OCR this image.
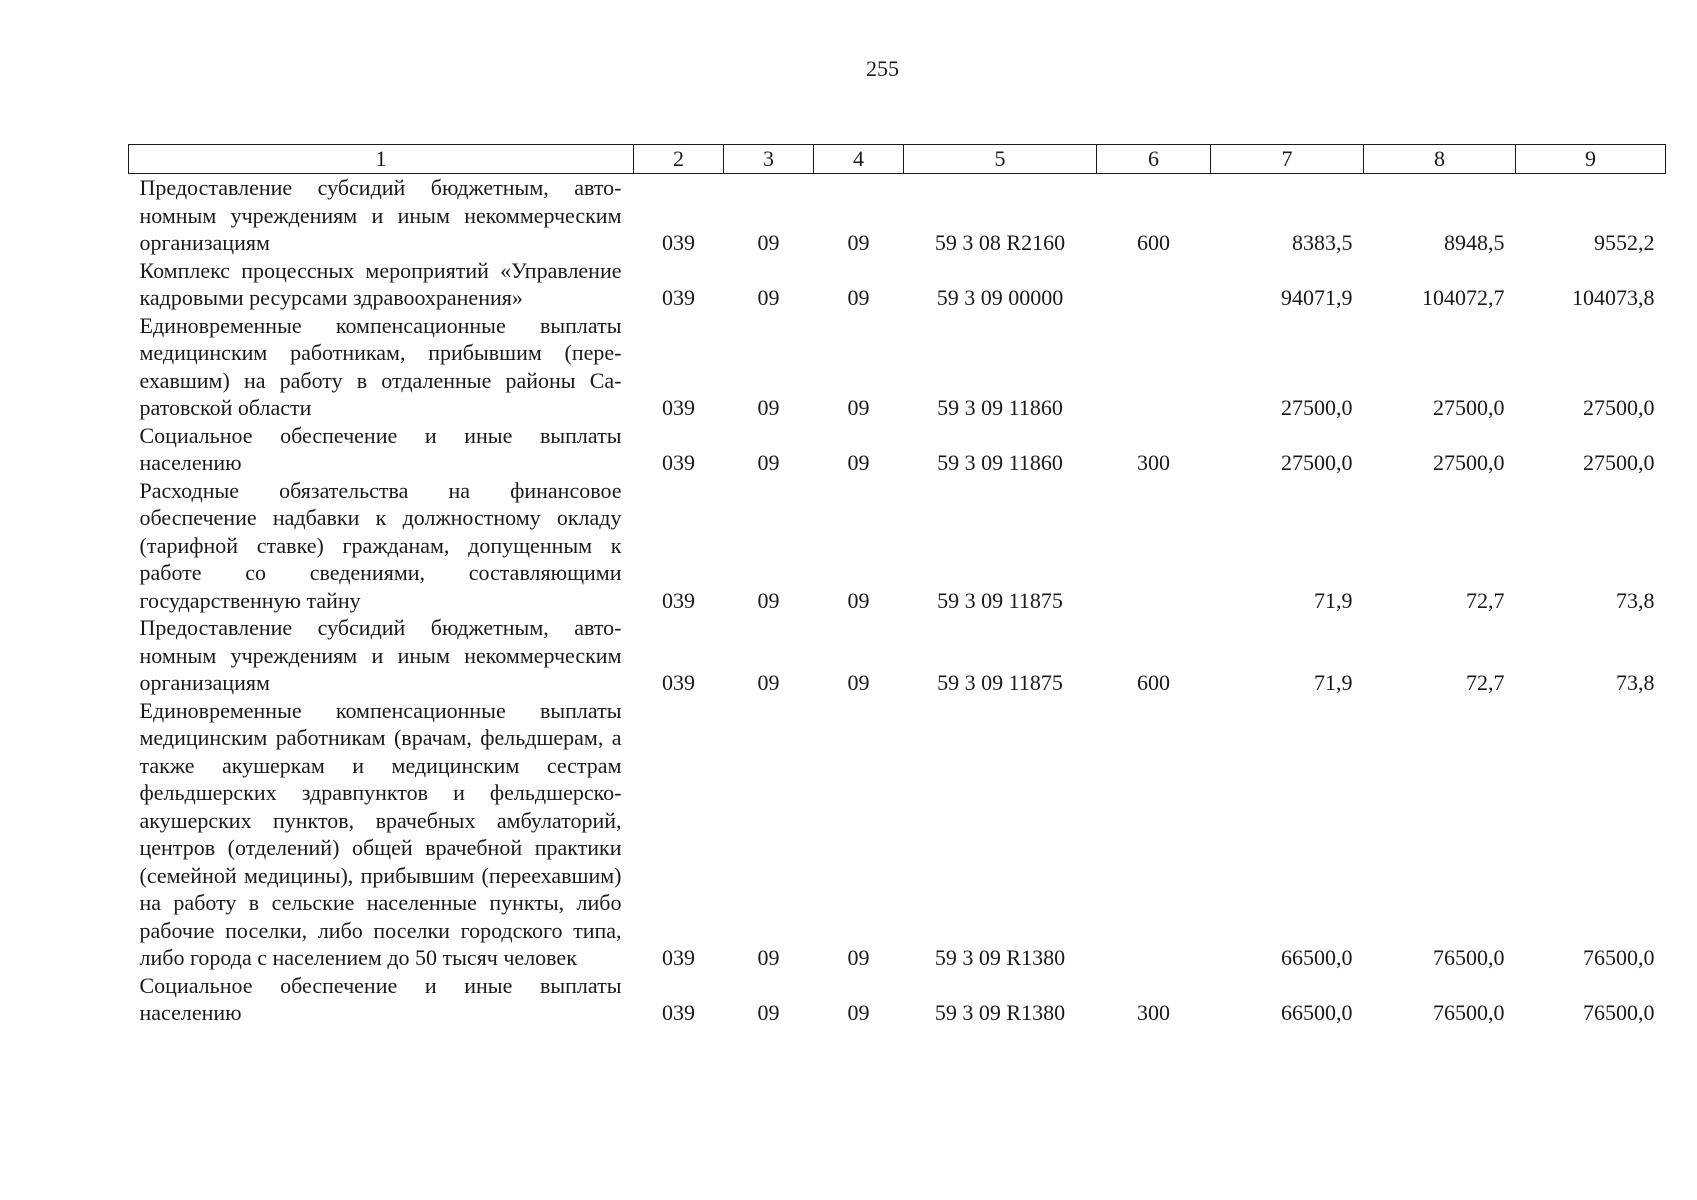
255
1	2	3	4	5	6	7	8	9
Предоставление субсидий бюджетным, автономным учреждениям и иным некоммерческим организациям	039	09	09	59 3 08 R2160	600	8383,5	8948,5	9552,2
Комплекс процессных мероприятий «Управление кадровыми ресурсами здравоохранения»	039	09	09	59 3 09 00000		94071,9	104072,7	104073,8
Единовременные компенсационные выплаты медицинским работникам, прибывшим (переехавшим) на работу в отдаленные районы Саратовской области	039	09	09	59 3 09 11860		27500,0	27500,0	27500,0
Социальное обеспечение и иные выплаты населению	039	09	09	59 3 09 11860	300	27500,0	27500,0	27500,0
Расходные обязательства на финансовое обеспечение надбавки к должностному окладу (тарифной ставке) гражданам, допущенным к работе со сведениями, составляющими государственную тайну	039	09	09	59 3 09 11875		71,9	72,7	73,8
Предоставление субсидий бюджетным, автономным учреждениям и иным некоммерческим организациям	039	09	09	59 3 09 11875	600	71,9	72,7	73,8
Единовременные компенсационные выплаты медицинским работникам (врачам, фельдшерам, а также акушеркам и медицинским сестрам фельдшерских здравпунктов и фельдшерско-акушерских пунктов, врачебных амбулаторий, центров (отделений) общей врачебной практики (семейной медицины), прибывшим (переехавшим) на работу в сельские населенные пункты, либо рабочие поселки, либо поселки городского типа, либо города с населением до 50 тысяч человек	039	09	09	59 3 09 R1380		66500,0	76500,0	76500,0
Социальное обеспечение и иные выплаты населению	039	09	09	59 3 09 R1380	300	66500,0	76500,0	76500,0
